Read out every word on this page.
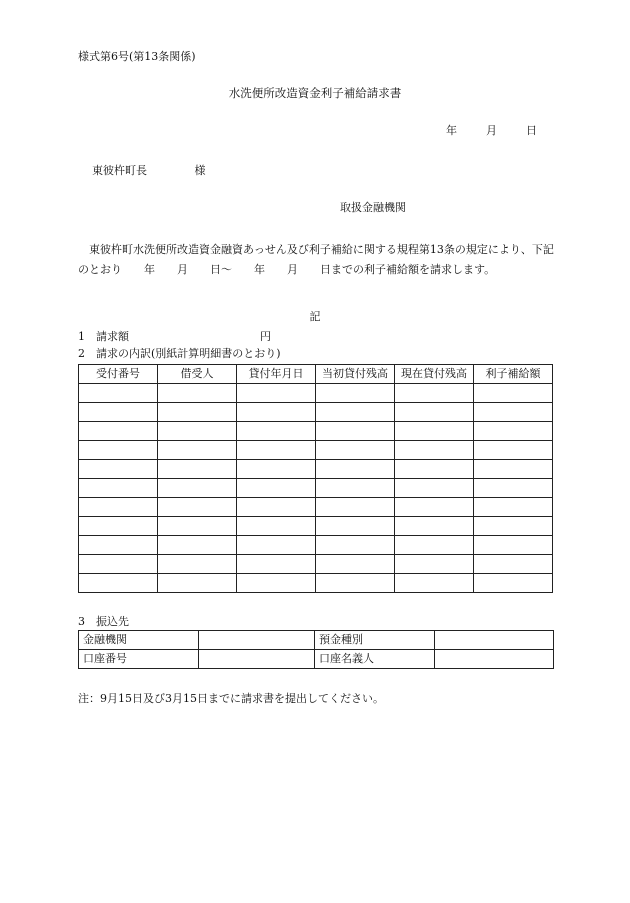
様式第6号(第13条関係)
水洗便所改造資金利子補給請求書
年	月	日
東彼杵町長	様
取扱金融機関
東彼杵町水洗便所改造資金融資あっせん及び利子補給に関する規程第13条の規定により、下記のとおり　　年　　月　　日～　　年　　月　　日までの利子補給額を請求します。
記
1　請求額	円
2　請求の内訳(別紙計算明細書のとおり)
受付番号	借受人	貸付年月日	当初貸付残高	現在貸付残高	利子補給額

3　振込先
金融機関		預金種別	
口座番号		口座名義人	
注：9月15日及び3月15日までに請求書を提出してください。
